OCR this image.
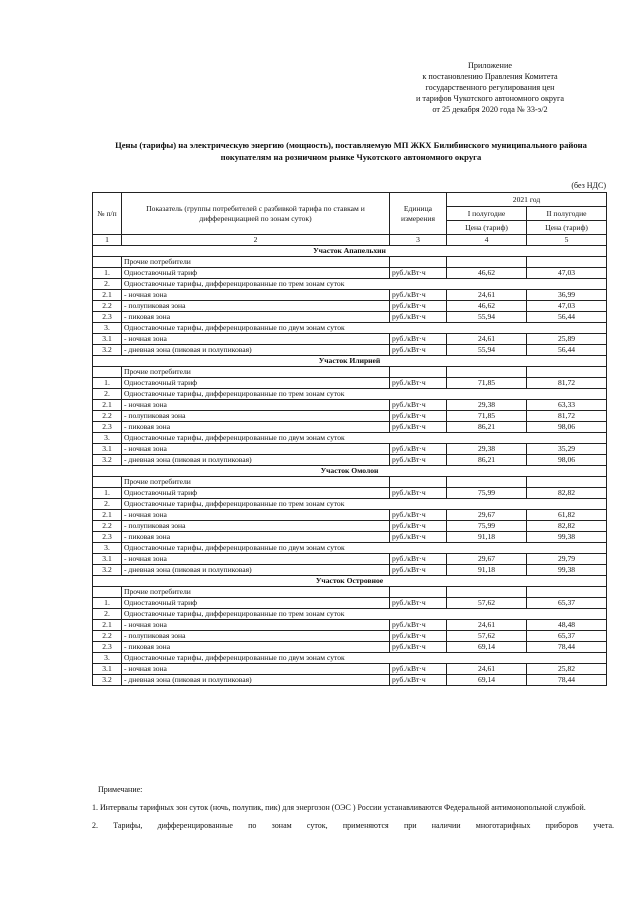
Приложение
к постановлению Правления Комитета
государственного регулирования цен
и тарифов Чукотского автономного округа
от 25 декабря 2020 года № 33-э/2
Цены (тарифы) на электрическую энергию (мощность), поставляемую МП ЖКХ Билибинского муниципального района покупателям на розничном рынке Чукотского автономного округа
(без НДС)
№ п/п	Показатель (группы потребителей с разбивкой тарифа по ставкам и дифференциацией по зонам суток)	Единица измерения	2021 год	
			I полугодие	II полугодие
			Цена (тариф)	Цена (тариф)
1	2	3	4	5
Участок Апапельхин				
	Прочие потребители			
1.	Одноставочный тариф	руб./кВт·ч	46,62	47,03
2.	Одноставочные тарифы, дифференцированные по трем зонам суток			
2.1	- ночная зона	руб./кВт·ч	24,61	36,99
2.2	- полупиковая зона	руб./кВт·ч	46,62	47,03
2.3	- пиковая зона	руб./кВт·ч	55,94	56,44
3.	Одноставочные тарифы, дифференцированные по двум зонам суток			
3.1	- ночная зона	руб./кВт·ч	24,61	25,89
3.2	- дневная зона (пиковая и полупиковая)	руб./кВт·ч	55,94	56,44
Участок Илирней				
	Прочие потребители			
1.	Одноставочный тариф	руб./кВт·ч	71,85	81,72
2.	Одноставочные тарифы, дифференцированные по трем зонам суток			
2.1	- ночная зона	руб./кВт·ч	29,38	63,33
2.2	- полупиковая зона	руб./кВт·ч	71,85	81,72
2.3	- пиковая зона	руб./кВт·ч	86,21	98,06
3.	Одноставочные тарифы, дифференцированные по двум зонам суток			
3.1	- ночная зона	руб./кВт·ч	29,38	35,29
3.2	- дневная зона (пиковая и полупиковая)	руб./кВт·ч	86,21	98,06
Участок Омолон				
	Прочие потребители			
1.	Одноставочный тариф	руб./кВт·ч	75,99	82,82
2.	Одноставочные тарифы, дифференцированные по трем зонам суток			
2.1	- ночная зона	руб./кВт·ч	29,67	61,82
2.2	- полупиковая зона	руб./кВт·ч	75,99	82,82
2.3	- пиковая зона	руб./кВт·ч	91,18	99,38
3.	Одноставочные тарифы, дифференцированные по двум зонам суток			
3.1	- ночная зона	руб./кВт·ч	29,67	29,79
3.2	- дневная зона (пиковая и полупиковая)	руб./кВт·ч	91,18	99,38
Участок Островное				
	Прочие потребители			
1.	Одноставочный тариф	руб./кВт·ч	57,62	65,37
2.	Одноставочные тарифы, дифференцированные по трем зонам суток			
2.1	- ночная зона	руб./кВт·ч	24,61	48,48
2.2	- полупиковая зона	руб./кВт·ч	57,62	65,37
2.3	- пиковая зона	руб./кВт·ч	69,14	78,44
3.	Одноставочные тарифы, дифференцированные по двум зонам суток			
3.1	- ночная зона	руб./кВт·ч	24,61	25,82
3.2	- дневная зона (пиковая и полупиковая)	руб./кВт·ч	69,14	78,44

Примечание:

1. Интервалы тарифных зон суток (ночь, полупик, пик) для энергозон (ОЭС ) России устанавливаются Федеральной антимонопольной службой.

2. Тарифы, дифференцированные по зонам суток, применяются при наличии многотарифных приборов учета.
